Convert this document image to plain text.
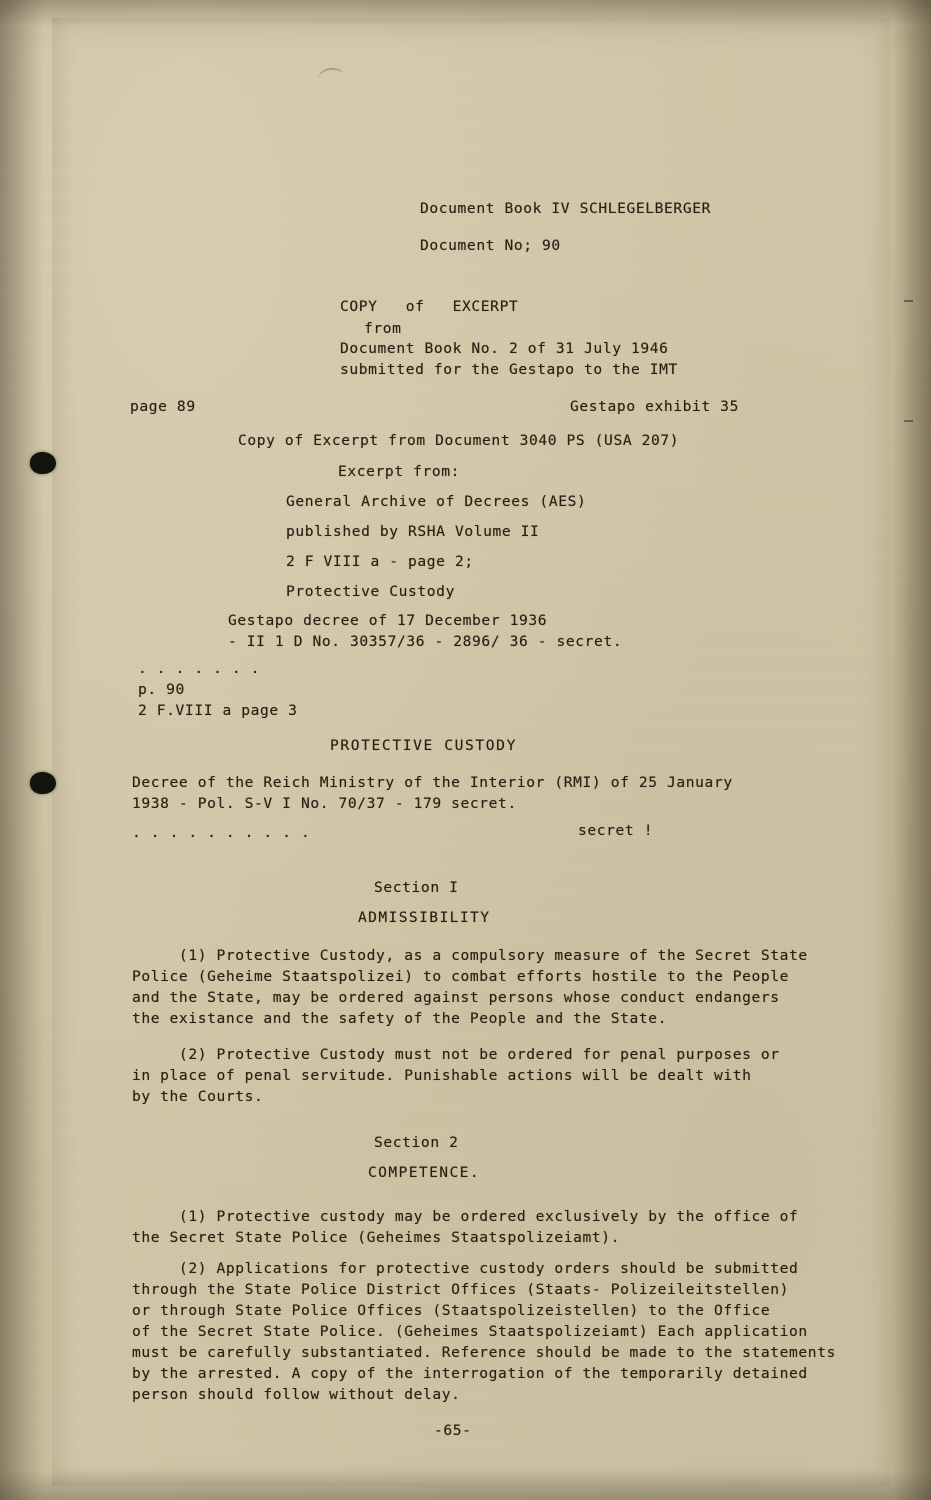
Document Book IV SCHLEGELBERGER
Document No; 90
COPY   of   EXCERPT
from
Document Book No. 2 of 31 July 1946
submitted for the Gestapo to the IMT
page 89	Gestapo exhibit 35
Copy of Excerpt from Document 3040 PS (USA 207)
Excerpt from:
General Archive of Decrees (AES)
published by RSHA Volume II
2 F VIII a - page 2;
Protective Custody
Gestapo decree of 17 December 1936
- II 1 D No. 30357/36 - 2896/ 36 - secret.
. . . . . . .
p. 90
2 F.VIII a page 3
PROTECTIVE CUSTODY
Decree of the Reich Ministry of the Interior (RMI) of 25 January
1938 - Pol. S-V I No. 70/37 - 179 secret.
. . . . . . . . . .	secret !
Section I
ADMISSIBILITY
(1) Protective Custody, as a compulsory measure of the Secret State
Police (Geheime Staatspolizei) to combat efforts hostile to the People
and the State, may be ordered against persons whose conduct endangers
the existance and the safety of the People and the State.
(2) Protective Custody must not be ordered for penal purposes or
in place of penal servitude. Punishable actions will be dealt with
by the Courts.
Section 2
COMPETENCE.
(1) Protective custody may be ordered exclusively by the office of
the Secret State Police (Geheimes Staatspolizeiamt).
(2) Applications for protective custody orders should be submitted
through the State Police District Offices (Staats- Polizeileitstellen)
or through State Police Offices (Staatspolizeistellen) to the Office
of the Secret State Police. (Geheimes Staatspolizeiamt) Each application
must be carefully substantiated. Reference should be made to the statements
by the arrested. A copy of the interrogation of the temporarily detained
person should follow without delay.
-65-
